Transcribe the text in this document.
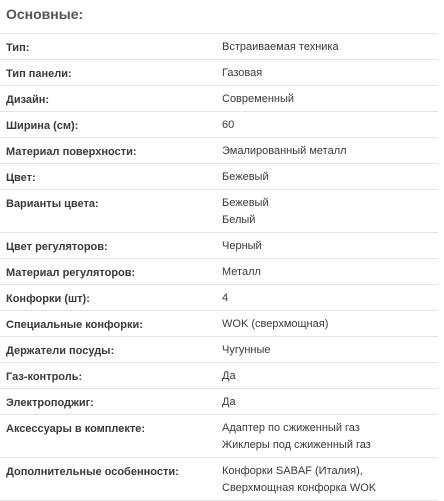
Основные:
Тип:	Встраиваемая техника
Тип панели:	Газовая
Дизайн:	Современный
Ширина (см):	60
Материал поверхности:	Эмалированный металл
Цвет:	Бежевый
Варианты цвета:	Бежевый
Белый
Цвет регуляторов:	Черный
Материал регуляторов:	Металл
Конфорки (шт):	4
Специальные конфорки:	WOK (сверхмощная)
Держатели посуды:	Чугунные
Газ-контроль:	Да
Электроподжиг:	Да
Аксессуары в комплекте:	Адаптер по сжиженный газ
Жиклеры под сжиженный газ
Дополнительные особенности:	Конфорки SABAF (Италия), Сверхмощная конфорка WOK
